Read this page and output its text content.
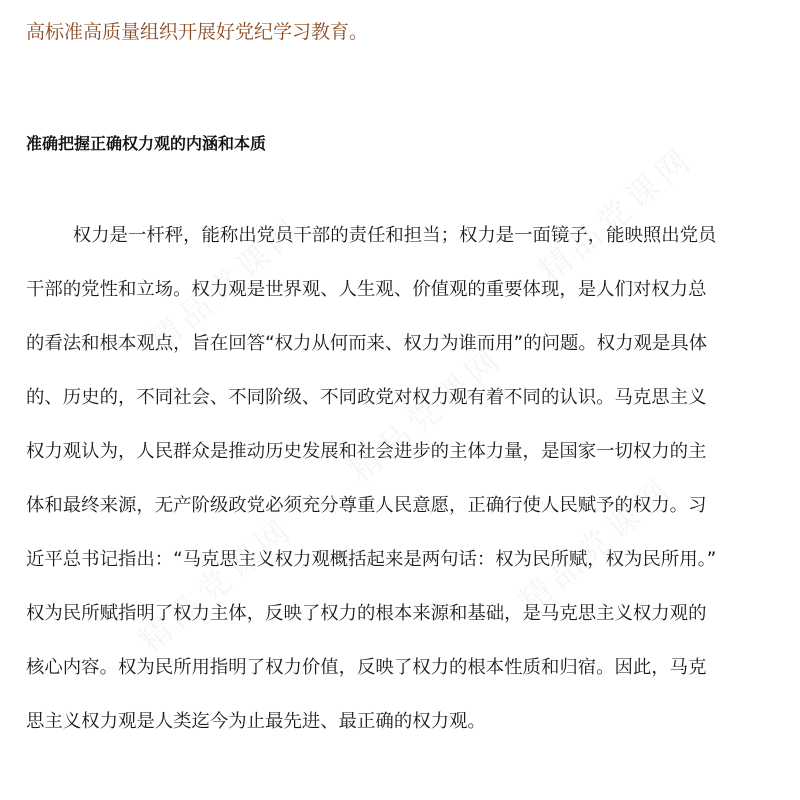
精品党课网	精品党课网
精品党课网
精品党课网	精品党课网
高标准高质量组织开展好党纪学习教育。
准确把握正确权力观的内涵和本质
权力是一杆秤，能称出党员干部的责任和担当；权力是一面镜子，能映照出党员
干部的党性和立场。权力观是世界观、人生观、价值观的重要体现，是人们对权力总
的看法和根本观点，旨在回答“权力从何而来、权力为谁而用”的问题。权力观是具体
的、历史的，不同社会、不同阶级、不同政党对权力观有着不同的认识。马克思主义
权力观认为，人民群众是推动历史发展和社会进步的主体力量，是国家一切权力的主
体和最终来源，无产阶级政党必须充分尊重人民意愿，正确行使人民赋予的权力。习
近平总书记指出：“马克思主义权力观概括起来是两句话：权为民所赋，权为民所用。”
权为民所赋指明了权力主体，反映了权力的根本来源和基础，是马克思主义权力观的
核心内容。权为民所用指明了权力价值，反映了权力的根本性质和归宿。因此，马克
思主义权力观是人类迄今为止最先进、最正确的权力观。
